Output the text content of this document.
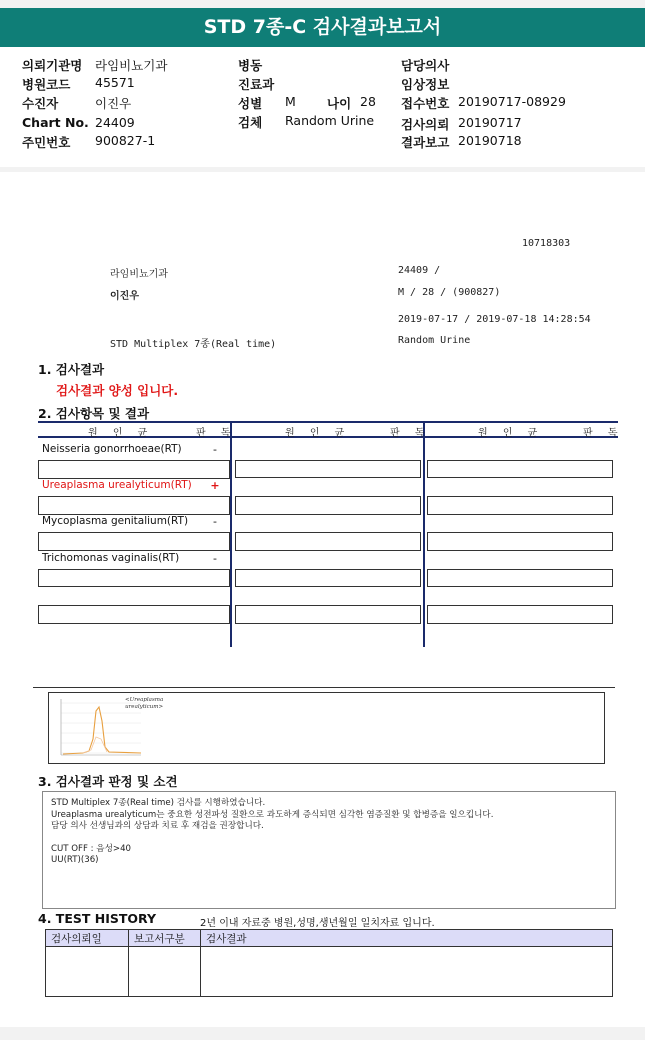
STD 7종-C 검사결과보고서
의뢰기관명 라임비뇨기과
병원코드 45571
수진자	이진우
Chart No. 24409
주민번호 900827-1
병동
진료과
성별 M 나이 28
검체 Random Urine
담당의사
임상정보
접수번호 20190717-08929
검사의뢰 20190717
결과보고 20190718
10718303
라임비뇨기과	24409 /
이진우	M / 28 / (900827)
2019-07-17 / 2019-07-18 14:28:54
STD Multiplex 7종(Real time)	Random Urine
1. 검사결과
검사결과 양성 입니다.
2. 검사항목 및 결과
원 인 균	판 독	원 인 균	판 독	원 인 균	판 독
Neisseria gonorrhoeae(RT)	-
Ureaplasma urealyticum(RT) +
Mycoplasma genitalium(RT) -
Trichomonas vaginalis(RT)	-
<Ureaplasma
urealyticum>
3. 검사결과 판정 및 소견
STD Multiplex 7종(Real time) 검사를 시행하였습니다.
Ureaplasma urealyticum는 중요한 성전파성 질환으로 과도하게 증식되면 심각한 염증질환 및 합병증을 일으킵니다.
담당 의사 선생님과의 상담과 치료 후 재검을 권장합니다.
CUT OFF : 음성>40
UU(RT)(36)
4. TEST HISTORY	2년 이내 자료중 병원,성명,생년월일 일치자료 입니다.
검사의뢰일	보고서구분	검사결과
